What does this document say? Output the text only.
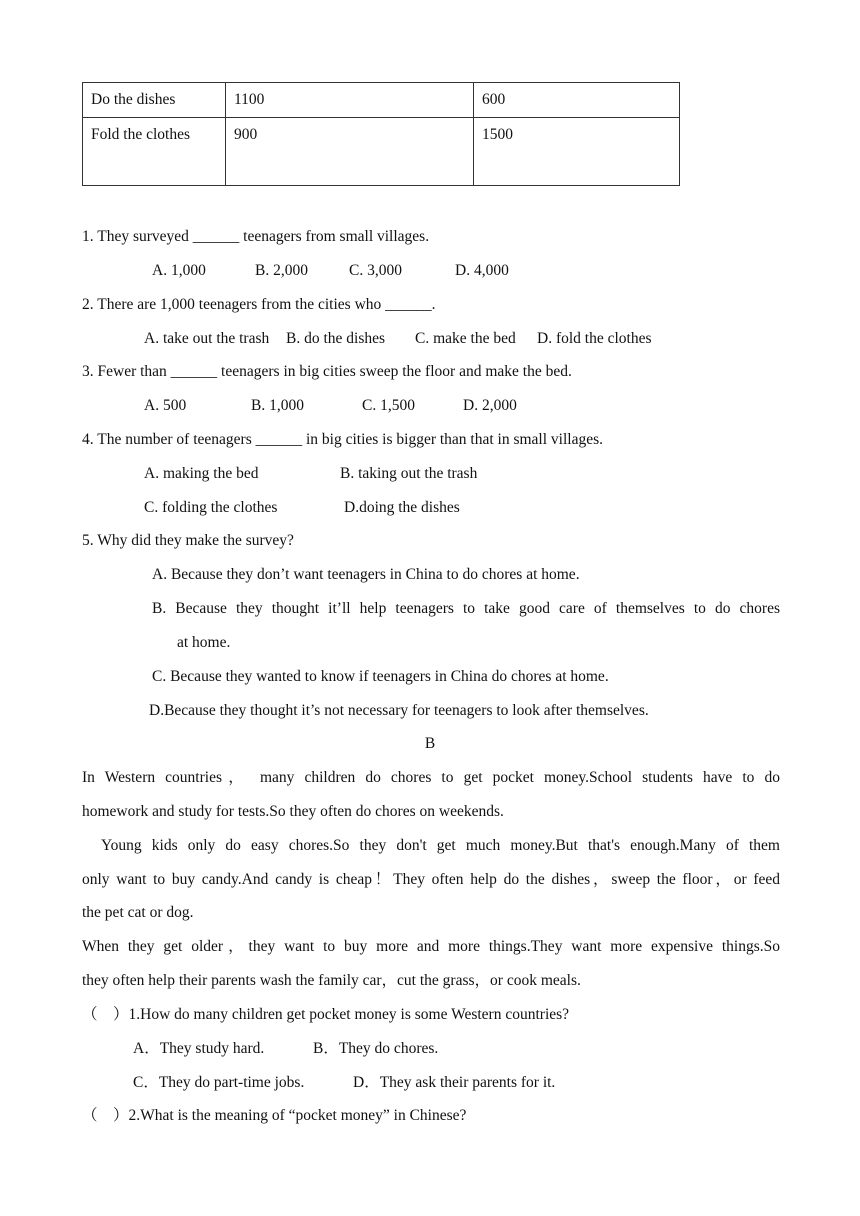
Do the dishes	1100	600
Fold the clothes	900	1500
1. They surveyed ______ teenagers from small villages.
A. 1,000	B. 2,000	C. 3,000	D. 4,000
2. There are 1,000 teenagers from the cities who ______.
A. take out the trash B. do the dishes C. make the bed D. fold the clothes
3. Fewer than ______ teenagers in big cities sweep the floor and make the bed.
A. 500	B. 1,000	C. 1,500	D. 2,000
4. The number of teenagers ______ in big cities is bigger than that in small villages.
A. making the bed	B. taking out the trash
C. folding the clothes	D.doing the dishes
5. Why did they make the survey?
A. Because they don’t want teenagers in China to do chores at home.
B. Because they thought it’ll help teenagers to take good care of themselves to do chores
at home.
C. Because they wanted to know if teenagers in China do chores at home.
D.Because they thought it’s not necessary for teenagers to look after themselves.
B
In Western countries， many children do chores to get pocket money.School students have to do
homework and study for tests.So they often do chores on weekends.
Young kids only do easy chores.So they don't get much money.But that's enough.Many of them
only want to buy candy.And candy is cheap！They often help do the dishes，sweep the floor，or feed
the pet cat or dog.
When they get older，they want to buy more and more things.They want more expensive things.So
they often help their parents wash the family car，cut the grass，or cook meals.
（　）1.How do many children get pocket money is some Western countries?
A．They study hard.	B．They do chores.
C．They do part-time jobs.	D．They ask their parents for it.
（　）2.What is the meaning of “pocket money” in Chinese?
